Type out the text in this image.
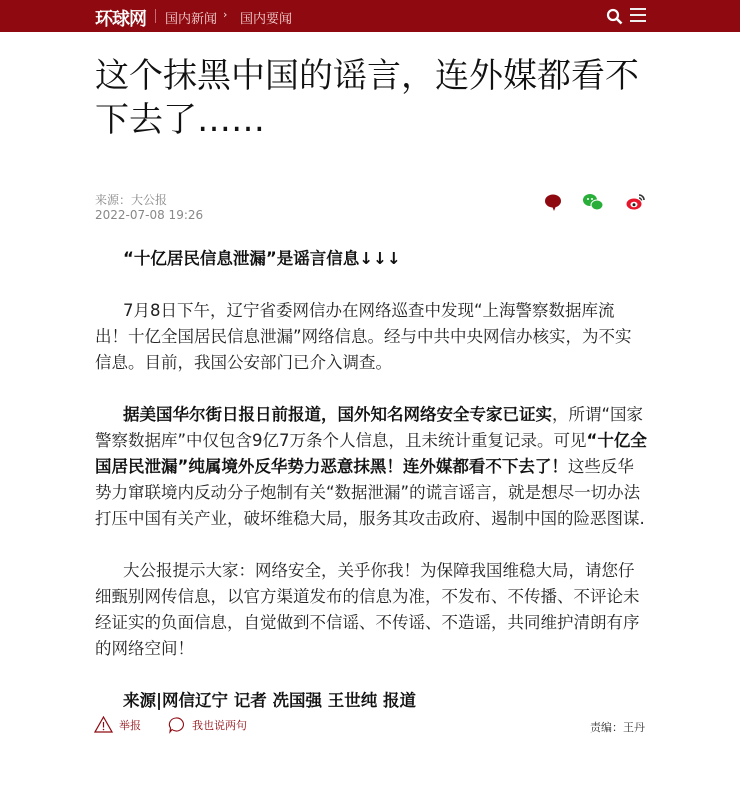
环球网 国内新闻 › 国内要闻
这个抹黑中国的谣言，连外媒都看不下去了……
来源：大公报
2022-07-08 19:26

“十亿居民信息泄漏”是谣言信息↓↓↓

7月8日下午，辽宁省委网信办在网络巡查中发现“上海警察数据库流出！十亿全国居民信息泄漏”网络信息。经与中共中央网信办核实，为不实信息。目前，我国公安部门已介入调查。

据美国华尔街日报日前报道，国外知名网络安全专家已证实，所谓“国家警察数据库”中仅包含9亿7万条个人信息，且未统计重复记录。可见“十亿全国居民泄漏”纯属境外反华势力恶意抹黑！连外媒都看不下去了！这些反华势力窜联境内反动分子炮制有关“数据泄漏”的谎言谣言，就是想尽一切办法打压中国有关产业，破坏维稳大局，服务其攻击政府、遏制中国的险恶图谋.

大公报提示大家：网络安全，关乎你我！为保障我国维稳大局，请您仔细甄别网传信息，以官方渠道发布的信息为准，不发布、不传播、不评论未经证实的负面信息，自觉做到不信谣、不传谣、不造谣，共同维护清朗有序的网络空间！

来源|网信辽宁 记者 冼国强 王世纯 报道

举报	我也说两句	责编：王丹
